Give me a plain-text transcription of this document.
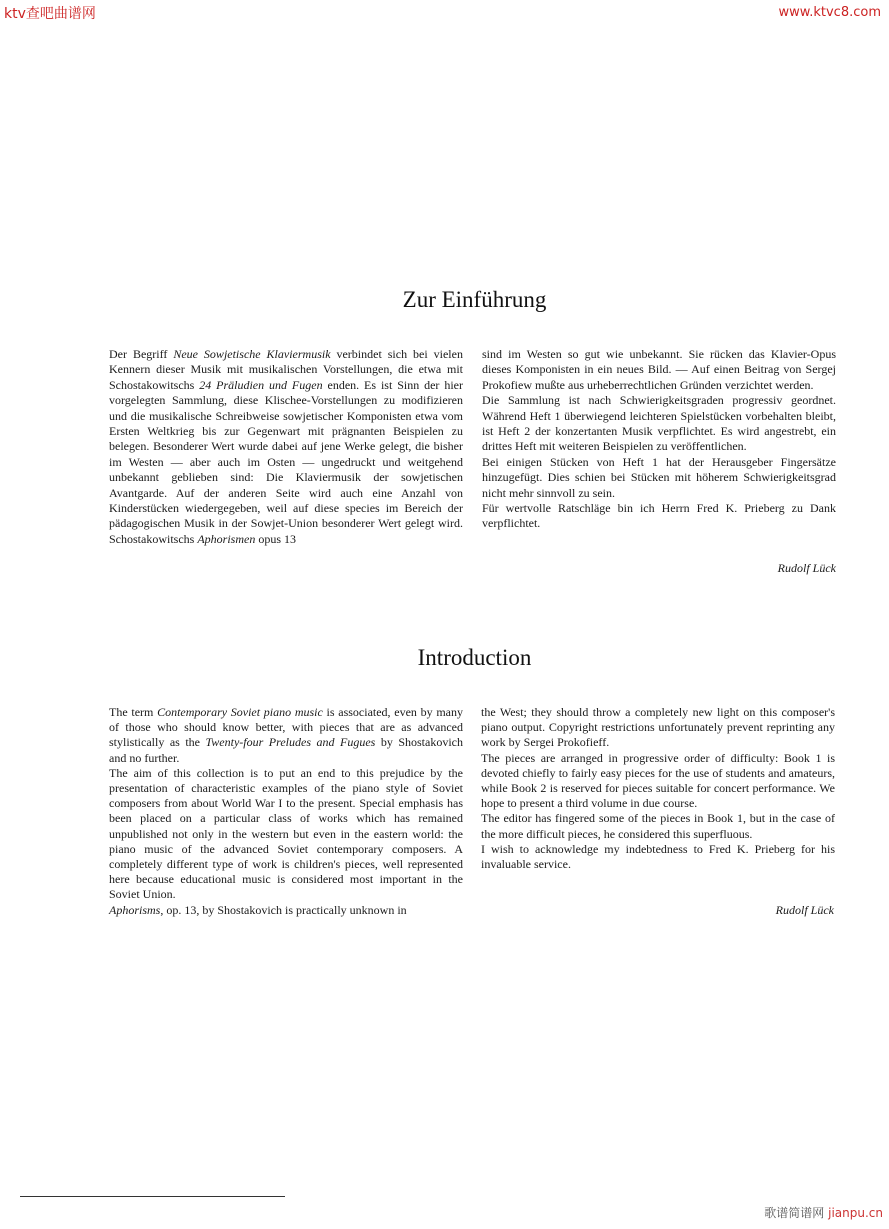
ktv查吧曲谱网	www.ktvc8.com
Zur Einführung

Der Begriff Neue Sowjetische Klaviermusik verbindet sich bei vielen Kennern dieser Musik mit musikalischen Vorstellungen, die etwa mit Schostakowitschs 24 Präludien und Fugen enden. Es ist Sinn der hier vorgelegten Sammlung, diese Klischee-Vorstellungen zu modifizieren und die musikalische Schreibweise sowjetischer Komponisten etwa vom Ersten Weltkrieg bis zur Gegenwart mit prägnanten Beispielen zu belegen. Besonderer Wert wurde dabei auf jene Werke gelegt, die bisher im Westen — aber auch im Osten — ungedruckt und weitgehend unbekannt geblieben sind: Die Klaviermusik der sowjetischen Avantgarde. Auf der anderen Seite wird auch eine Anzahl von Kinderstücken wiedergegeben, weil auf diese species im Bereich der pädagogischen Musik in der Sowjet-Union besonderer Wert gelegt wird. Schostakowitschs Aphorismen opus 13

sind im Westen so gut wie unbekannt. Sie rücken das Klavier-Opus dieses Komponisten in ein neues Bild. — Auf einen Beitrag von Sergej Prokofiew mußte aus urheberrechtlichen Gründen verzichtet werden.

Die Sammlung ist nach Schwierigkeitsgraden progressiv geordnet. Während Heft 1 überwiegend leichteren Spielstücken vorbehalten bleibt, ist Heft 2 der konzertanten Musik verpflichtet. Es wird angestrebt, ein drittes Heft mit weiteren Beispielen zu veröffentlichen.

Bei einigen Stücken von Heft 1 hat der Herausgeber Fingersätze hinzugefügt. Dies schien bei Stücken mit höherem Schwierigkeitsgrad nicht mehr sinnvoll zu sein.

Für wertvolle Ratschläge bin ich Herrn Fred K. Prieberg zu Dank verpflichtet.

Rudolf Lück
Introduction

The term Contemporary Soviet piano music is associated, even by many of those who should know better, with pieces that are as advanced stylistically as the Twenty-four Preludes and Fugues by Shostakovich and no further.

The aim of this collection is to put an end to this prejudice by the presentation of characteristic examples of the piano style of Soviet composers from about World War I to the present. Special emphasis has been placed on a particular class of works which has remained unpublished not only in the western but even in the eastern world: the piano music of the advanced Soviet contemporary composers. A completely different type of work is children's pieces, well represented here because educational music is considered most important in the Soviet Union.

Aphorisms, op. 13, by Shostakovich is practically unknown in

the West; they should throw a completely new light on this composer's piano output. Copyright restrictions unfortunately prevent reprinting any work by Sergei Prokofieff.

The pieces are arranged in progressive order of difficulty: Book 1 is devoted chiefly to fairly easy pieces for the use of students and amateurs, while Book 2 is reserved for pieces suitable for concert performance. We hope to present a third volume in due course.

The editor has fingered some of the pieces in Book 1, but in the case of the more difficult pieces, he considered this superfluous.

I wish to acknowledge my indebtedness to Fred K. Prieberg for his invaluable service.

Rudolf Lück
歌谱简谱网 jianpu.cn
